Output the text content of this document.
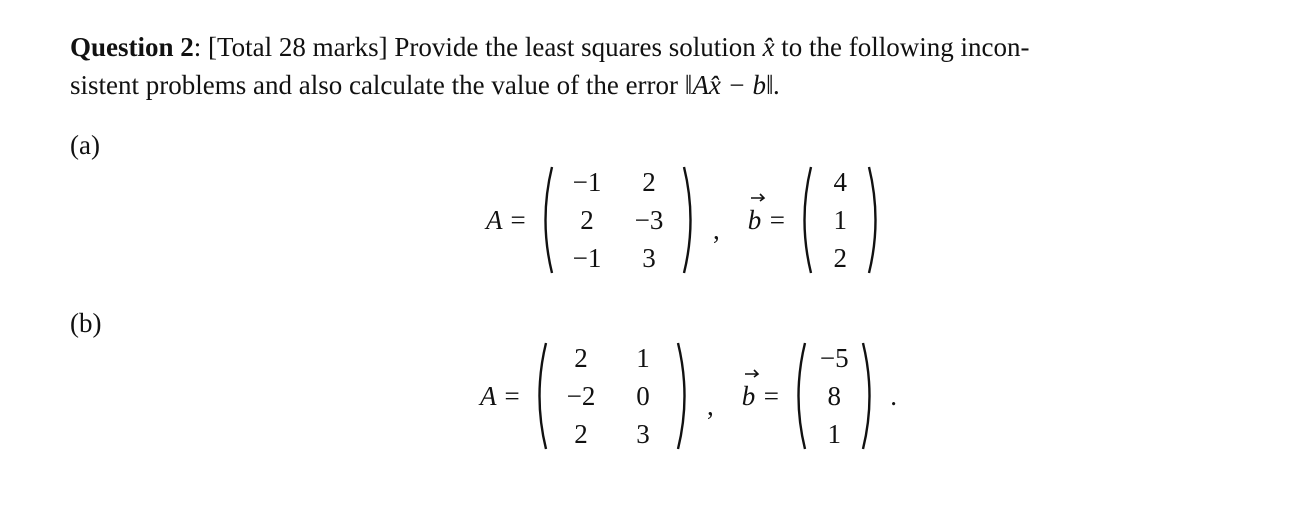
Question 2: [Total 28 marks] Provide the least squares solution x̂ to the following incon-
sistent problems and also calculate the value of the error ‖Ax̂ − b‖.
(a)
A =
−1	2
2	−3
−1	3
, b =
4
1
2
(b)
A =
2	1
−2	0
2	3
, b =
−5
8
1
.
